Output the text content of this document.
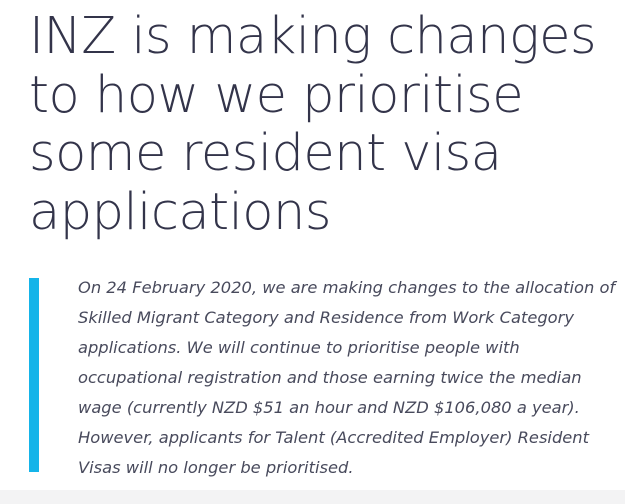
INZ is making changes
to how we prioritise
some resident visa
applications

On 24 February 2020, we are making changes to the allocation of
Skilled Migrant Category and Residence from Work Category
applications. We will continue to prioritise people with
occupational registration and those earning twice the median
wage (currently NZD $51 an hour and NZD $106,080 a year).
However, applicants for Talent (Accredited Employer) Resident
Visas will no longer be prioritised.
